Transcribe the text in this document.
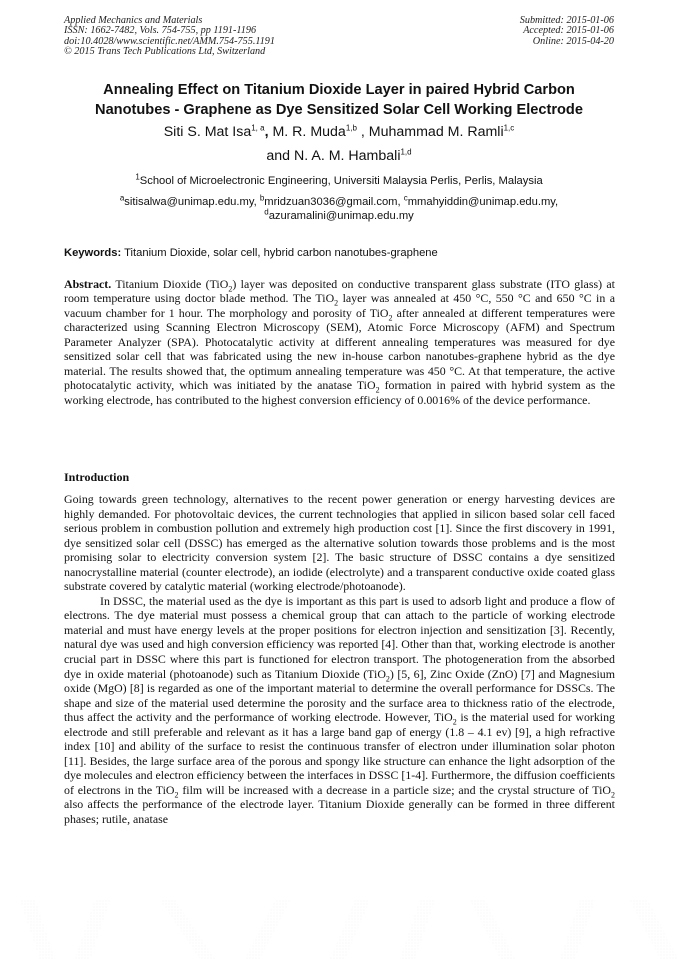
Applied Mechanics and Materials
ISSN: 1662-7482, Vols. 754-755, pp 1191-1196
doi:10.4028/www.scientific.net/AMM.754-755.1191
© 2015 Trans Tech Publications Ltd, Switzerland
Submitted: 2015-01-06
Accepted: 2015-01-06
Online: 2015-04-20
Annealing Effect on Titanium Dioxide Layer in paired Hybrid Carbon
Nanotubes - Graphene as Dye Sensitized Solar Cell Working Electrode
Siti S. Mat Isa$^{1, a}$, M. R. Muda$^{1,b}$ , Muhammad M. Ramli$^{1,c}$
and N. A. M. Hambali$^{1,d}$
$^1$School of Microelectronic Engineering, Universiti Malaysia Perlis, Perlis, Malaysia
$^a$sitisalwa@unimap.edu.my, $^b$mridzuan3036@gmail.com, $^c$mmahyiddin@unimap.edu.my,
$^d$azuramalini@unimap.edu.my
Keywords: Titanium Dioxide, solar cell, hybrid carbon nanotubes-graphene
Abstract. Titanium Dioxide (TiO$_2$) layer was deposited on conductive transparent glass substrate (ITO glass) at room temperature using doctor blade method. The TiO$_2$ layer was annealed at 450 °C, 550 °C and 650 °C in a vacuum chamber for 1 hour. The morphology and porosity of TiO$_2$ after annealed at different temperatures were characterized using Scanning Electron Microscopy (SEM), Atomic Force Microscopy (AFM) and Spectrum Parameter Analyzer (SPA). Photocatalytic activity at different annealing temperatures was measured for dye sensitized solar cell that was fabricated using the new in-house carbon nanotubes-graphene hybrid as the dye material. The results showed that, the optimum annealing temperature was 450 °C. At that temperature, the active photocatalytic activity, which was initiated by the anatase TiO$_2$ formation in paired with hybrid system as the working electrode, has contributed to the highest conversion efficiency of 0.0016% of the device performance.
Introduction

Going towards green technology, alternatives to the recent power generation or energy harvesting devices are highly demanded. For photovoltaic devices, the current technologies that applied in silicon based solar cell faced serious problem in combustion pollution and extremely high production cost [1]. Since the first discovery in 1991, dye sensitized solar cell (DSSC) has emerged as the alternative solution towards those problems and is the most promising solar to electricity conversion system [2]. The basic structure of DSSC contains a dye sensitized nanocrystalline material (counter electrode), an iodide (electrolyte) and a transparent conductive oxide coated glass substrate covered by catalytic material (working electrode/photoanode).

In DSSC, the material used as the dye is important as this part is used to adsorb light and produce a flow of electrons. The dye material must possess a chemical group that can attach to the particle of working electrode material and must have energy levels at the proper positions for electron injection and sensitization [3]. Recently, natural dye was used and high conversion efficiency was reported [4]. Other than that, working electrode is another crucial part in DSSC where this part is functioned for electron transport. The photogeneration from the absorbed dye in oxide material (photoanode) such as Titanium Dioxide (TiO$_2$) [5, 6], Zinc Oxide (ZnO) [7] and Magnesium oxide (MgO) [8] is regarded as one of the important material to determine the overall performance for DSSCs. The shape and size of the material used determine the porosity and the surface area to thickness ratio of the electrode, thus affect the activity and the performance of working electrode. However, TiO$_2$ is the material used for working electrode and still preferable and relevant as it has a large band gap of energy (1.8 – 4.1 ev) [9], a high refractive index [10] and ability of the surface to resist the continuous transfer of electron under illumination solar photon [11]. Besides, the large surface area of the porous and spongy like structure can enhance the light adsorption of the dye molecules and electron efficiency between the interfaces in DSSC [1-4]. Furthermore, the diffusion coefficients of electrons in the TiO$_2$ film will be increased with a decrease in a particle size; and the crystal structure of TiO$_2$ also affects the performance of the electrode layer. Titanium Dioxide generally can be formed in three different phases; rutile, anatase
